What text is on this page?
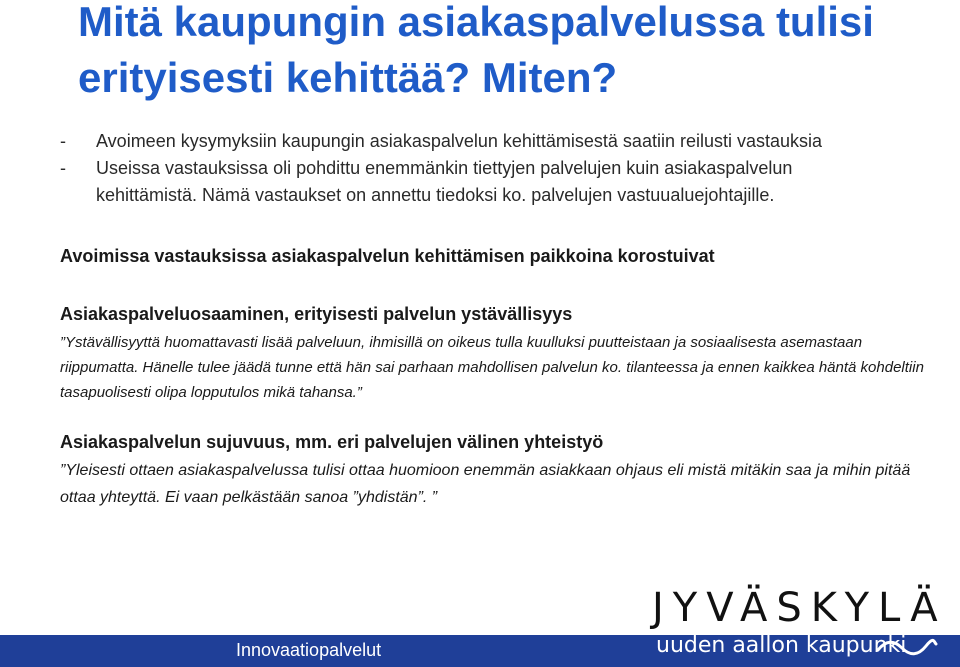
Mitä kaupungin asiakaspalvelussa tulisi erityisesti kehittää? Miten?
-	Avoimeen kysymyksiin kaupungin asiakaspalvelun kehittämisestä saatiin reilusti vastauksia
-	Useissa vastauksissa oli pohdittu enemmänkin tiettyjen palvelujen kuin asiakaspalvelun
kehittämistä. Nämä vastaukset on annettu tiedoksi ko. palvelujen vastuualuejohtajille.
Avoimissa vastauksissa asiakaspalvelun kehittämisen paikkoina korostuivat
Asiakaspalveluosaaminen, erityisesti palvelun ystävällisyys
”Ystävällisyyttä huomattavasti lisää palveluun, ihmisillä on oikeus tulla kuulluksi puutteistaan ja sosiaalisesta asemastaan riippumatta. Hänelle tulee jäädä tunne että hän sai parhaan mahdollisen palvelun ko. tilanteessa ja ennen kaikkea häntä kohdeltiin tasapuolisesti olipa lopputulos mikä tahansa.”
Asiakaspalvelun sujuvuus, mm. eri palvelujen välinen yhteistyö
”Yleisesti ottaen asiakaspalvelussa tulisi ottaa huomioon enemmän asiakkaan ohjaus eli mistä mitäkin saa ja mihin pitää ottaa yhteyttä. Ei vaan pelkästään sanoa ”yhdistän”. ”
Innovaatiopalvelut
JYVÄSKYLÄ
uuden aallon kaupunki
